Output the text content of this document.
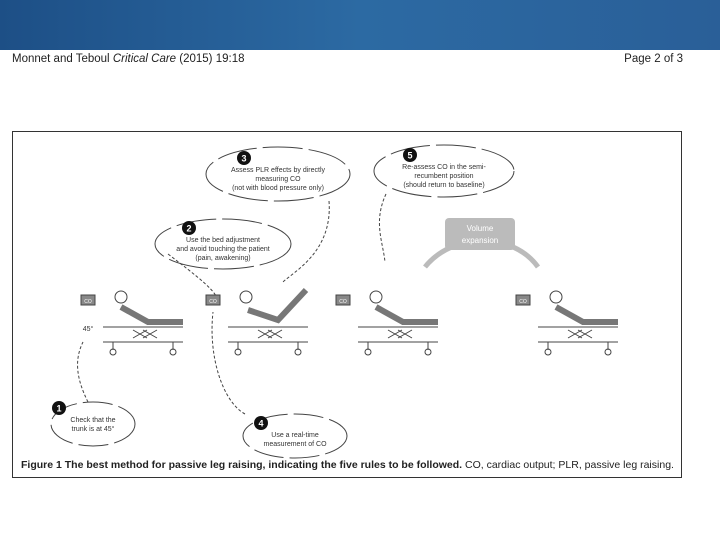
Monnet and Teboul Critical Care (2015) 19:18	Page 2 of 3
Volume
expansion
CO	CO	CO	CO
1
Check that the
trunk is at 45°
2
Use the bed adjustment
and avoid touching the patient
(pain, awakening)
3
Assess PLR effects by directly
measuring CO
(not with blood pressure only)
4
Use a real-time
measurement of CO
5
Re-assess CO in the semi-
recumbent position
(should return to baseline)
45°
Figure 1 The best method for passive leg raising, indicating the five rules to be followed. CO, cardiac output; PLR, passive leg raising.
